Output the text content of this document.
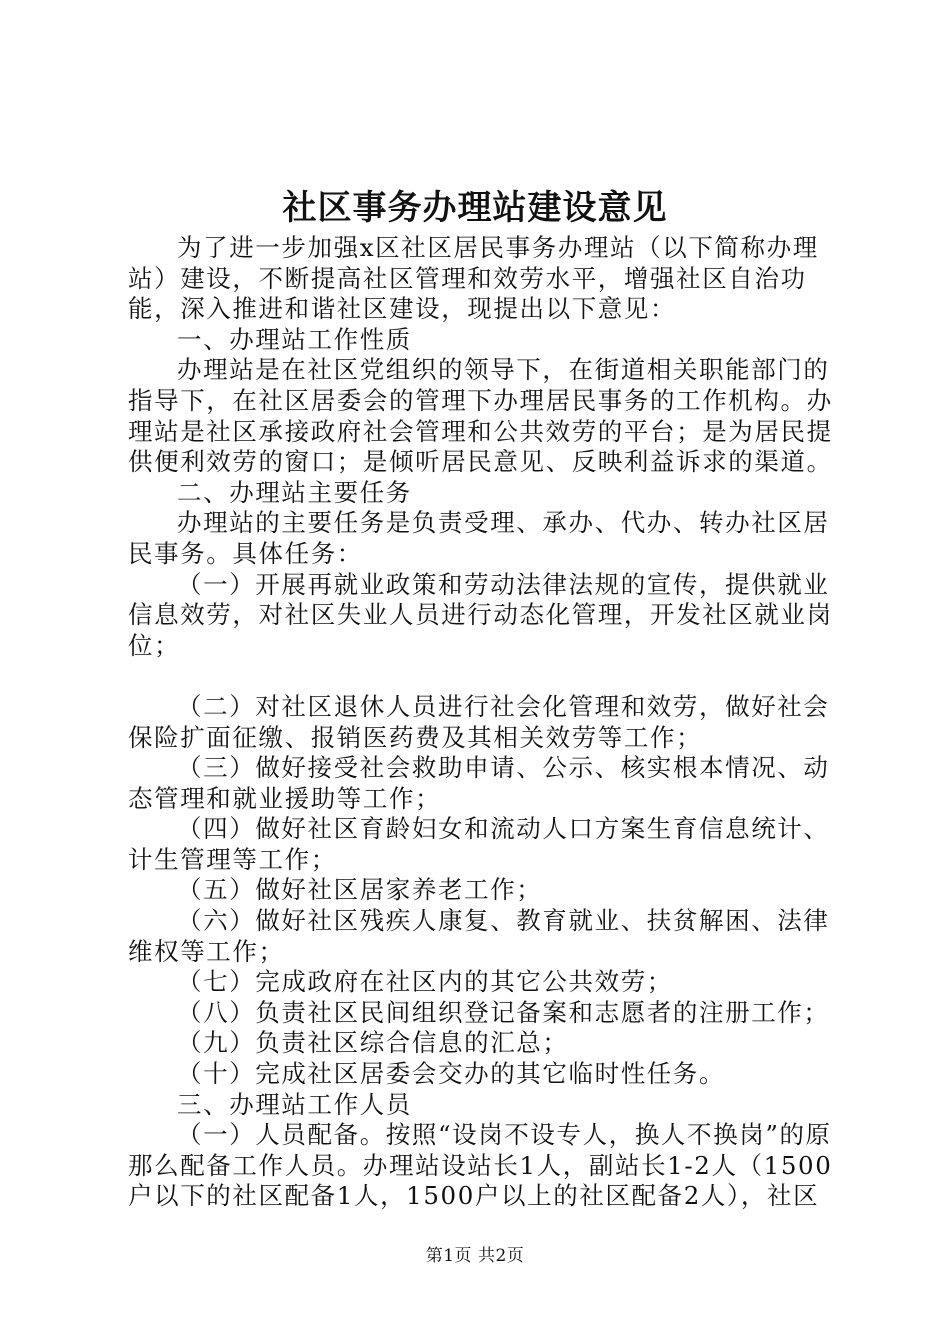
社区事务办理站建设意见

为了进一步加强x区社区居民事务办理站（以下简称办理站）建设，不断提高社区管理和效劳水平，增强社区自治功能，深入推进和谐社区建设，现提出以下意见：

一、办理站工作性质

办理站是在社区党组织的领导下，在街道相关职能部门的指导下，在社区居委会的管理下办理居民事务的工作机构。办理站是社区承接政府社会管理和公共效劳的平台；是为居民提供便利效劳的窗口；是倾听居民意见、反映利益诉求的渠道。

二、办理站主要任务

办理站的主要任务是负责受理、承办、代办、转办社区居民事务。具体任务：

（一）开展再就业政策和劳动法律法规的宣传，提供就业信息效劳，对社区失业人员进行动态化管理，开发社区就业岗位；

（二）对社区退休人员进行社会化管理和效劳，做好社会保险扩面征缴、报销医药费及其相关效劳等工作；

（三）做好接受社会救助申请、公示、核实根本情况、动态管理和就业援助等工作；

（四）做好社区育龄妇女和流动人口方案生育信息统计、计生管理等工作；

（五）做好社区居家养老工作；

（六）做好社区残疾人康复、教育就业、扶贫解困、法律维权等工作；

（七）完成政府在社区内的其它公共效劳；

（八）负责社区民间组织登记备案和志愿者的注册工作；

（九）负责社区综合信息的汇总；

（十）完成社区居委会交办的其它临时性任务。

三、办理站工作人员

（一）人员配备。按照“设岗不设专人，换人不换岗”的原那么配备工作人员。办理站设站长1人，副站长1-2人（1500户以下的社区配备1人，1500户以上的社区配备2人），社区

第1页 共2页
